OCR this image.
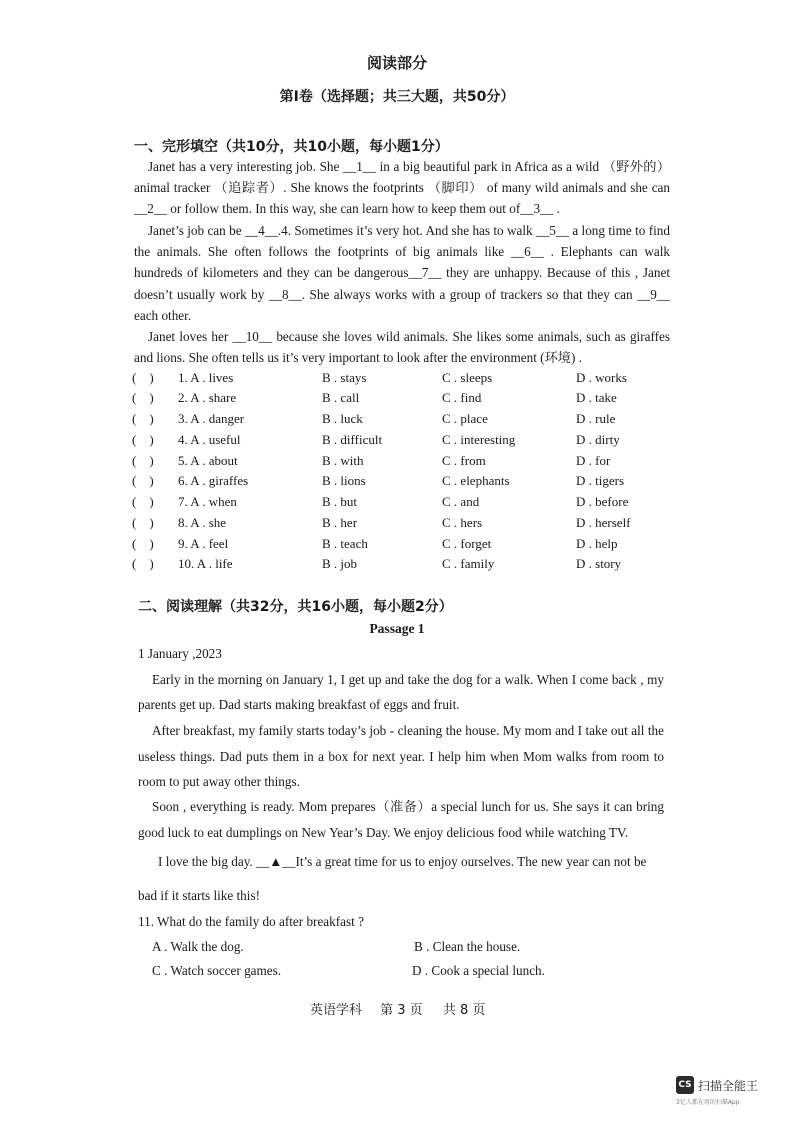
阅读部分
第Ⅰ卷（选择题；共三大题，共50分）
一、完形填空（共10分，共10小题，每小题1分）
Janet has a very interesting job. She __1__ in a big beautiful park in Africa as a wild （野外的） animal tracker （追踪者）. She knows the footprints （脚印） of many wild animals and she can __2__ or follow them. In this way, she can learn how to keep them out of__3__ .
Janet’s job can be __4__.4. Sometimes it’s very hot. And she has to walk __5__ a long time to find the animals. She often follows the footprints of big animals like __6__ . Elephants can walk hundreds of kilometers and they can be dangerous__7__ they are unhappy. Because of this , Janet doesn’t usually work by __8__. She always works with a group of trackers so that they can __9__ each other.
Janet loves her __10__ because she loves wild animals. She likes some animals, such as giraffes and lions. She often tells us it’s very important to look after the environment (环境) .
(　) 1. A . lives	B . stays	C . sleeps	D . works
(　) 2. A . share	B . call	C . find	D . take
(　) 3. A . danger	B . luck	C . place	D . rule
(　) 4. A . useful	B . difficult	C . interesting	D . dirty
(　) 5. A . about	B . with	C . from	D . for
(　) 6. A . giraffes	B . lions	C . elephants	D . tigers
(　) 7. A . when	B . but	C . and	D . before
(　) 8. A . she	B . her	C . hers	D . herself
(　) 9. A . feel	B . teach	C . forget	D . help
(　) 10. A . life	B . job	C . family	D . story
二、阅读理解（共32分，共16小题，每小题2分）
Passage 1
1 January ,2023
Early in the morning on January 1, I get up and take the dog for a walk. When I come back , my parents get up. Dad starts making breakfast of eggs and fruit.
After breakfast, my family starts today’s job - cleaning the house. My mom and I take out all the useless things. Dad puts them in a box for next year. I help him when Mom walks from room to room to put away other things.
Soon , everything is ready. Mom prepares（准备）a special lunch for us. She says it can bring good luck to eat dumplings on New Year’s Day. We enjoy delicious food while watching TV.
I love the big day. __▲__It’s a great time for us to enjoy ourselves. The new year can not be
bad if it starts like this!
11. What do the family do after breakfast ?
A . Walk the dog.	B . Clean the house.
C . Watch soccer games.	D . Cook a special lunch.
英语学科 第 3 页 共 8 页
CS 扫描全能王
3亿人都在用的扫描App
